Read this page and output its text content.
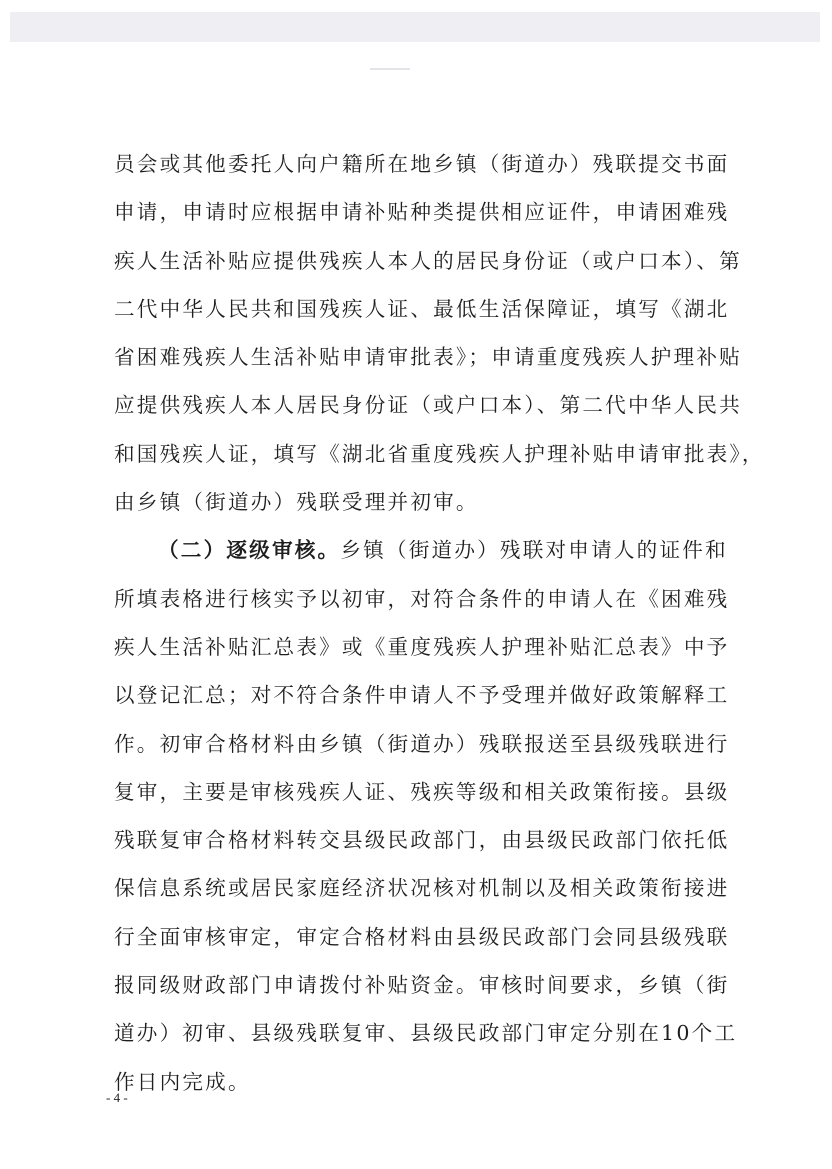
员会或其他委托人向户籍所在地乡镇（街道办）残联提交书面
申请，申请时应根据申请补贴种类提供相应证件，申请困难残
疾人生活补贴应提供残疾人本人的居民身份证（或户口本）、第
二代中华人民共和国残疾人证、最低生活保障证，填写《湖北
省困难残疾人生活补贴申请审批表》；申请重度残疾人护理补贴
应提供残疾人本人居民身份证（或户口本）、第二代中华人民共
和国残疾人证，填写《湖北省重度残疾人护理补贴申请审批表》，
由乡镇（街道办）残联受理并初审。
（二）逐级审核。乡镇（街道办）残联对申请人的证件和
所填表格进行核实予以初审，对符合条件的申请人在《困难残
疾人生活补贴汇总表》或《重度残疾人护理补贴汇总表》中予
以登记汇总；对不符合条件申请人不予受理并做好政策解释工
作。初审合格材料由乡镇（街道办）残联报送至县级残联进行
复审，主要是审核残疾人证、残疾等级和相关政策衔接。县级
残联复审合格材料转交县级民政部门，由县级民政部门依托低
保信息系统或居民家庭经济状况核对机制以及相关政策衔接进
行全面审核审定，审定合格材料由县级民政部门会同县级残联
报同级财政部门申请拨付补贴资金。审核时间要求，乡镇（街
道办）初审、县级残联复审、县级民政部门审定分别在10个工
作日内完成。
- 4 -
